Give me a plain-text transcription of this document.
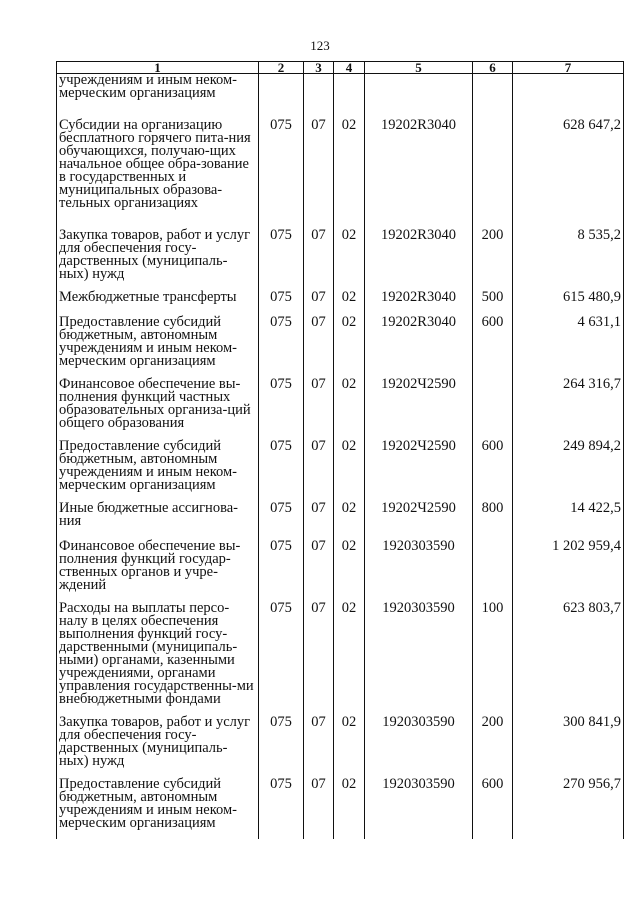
123
1	2	3	4	5	6	7
учреждениям и иным неком-мерческим организациям						
Субсидии на организацию бесплатного горячего пита-ния обучающихся, получаю-щих начальное общее обра-зование в государственных и муниципальных образова-тельных организациях	075	07	02	19202R3040		628 647,2
Закупка товаров, работ и услуг для обеспечения госу-дарственных (муниципаль-ных) нужд	075	07	02	19202R3040	200	8 535,2
Межбюджетные трансферты	075	07	02	19202R3040	500	615 480,9
Предоставление субсидий бюджетным, автономным учреждениям и иным неком-мерческим организациям	075	07	02	19202R3040	600	4 631,1
Финансовое обеспечение вы-полнения функций частных образовательных организа-ций общего образования	075	07	02	19202Ч2590		264 316,7
Предоставление субсидий бюджетным, автономным учреждениям и иным неком-мерческим организациям	075	07	02	19202Ч2590	600	249 894,2
Иные бюджетные ассигнова-ния	075	07	02	19202Ч2590	800	14 422,5
Финансовое обеспечение вы-полнения функций государ-ственных органов и учре-ждений	075	07	02	1920303590		1 202 959,4
Расходы на выплаты персо-налу в целях обеспечения выполнения функций госу-дарственными (муниципаль-ными) органами, казенными учреждениями, органами управления государственны-ми внебюджетными фондами	075	07	02	1920303590	100	623 803,7
Закупка товаров, работ и услуг для обеспечения госу-дарственных (муниципаль-ных) нужд	075	07	02	1920303590	200	300 841,9
Предоставление субсидий бюджетным, автономным учреждениям и иным неком-мерческим организациям	075	07	02	1920303590	600	270 956,7
